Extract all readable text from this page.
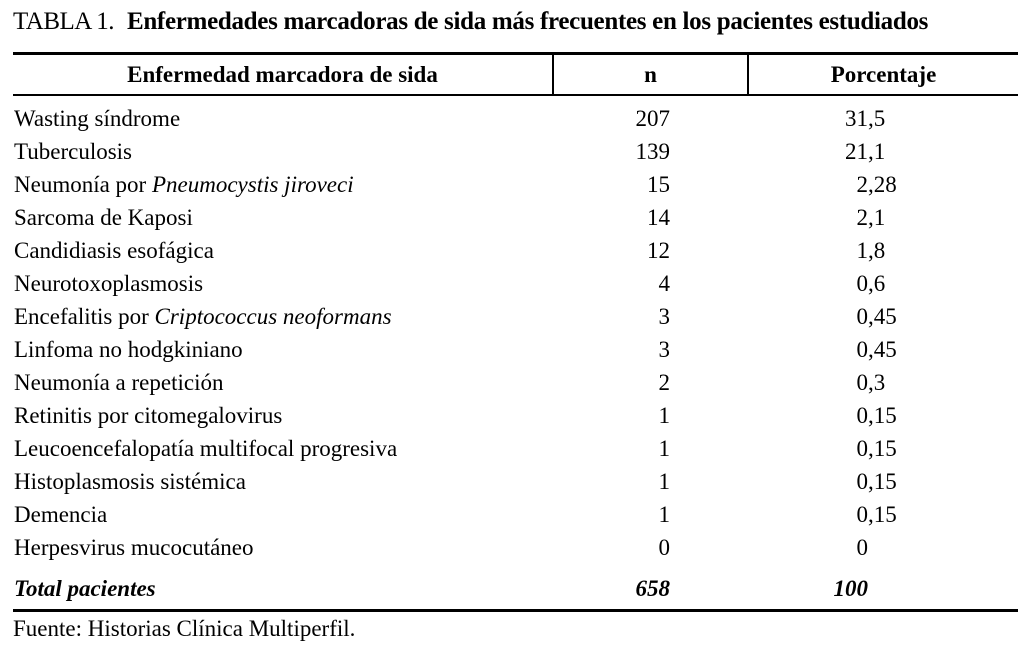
TABLA 1. Enfermedades marcadoras de sida más frecuentes en los pacientes estudiados
Enfermedad marcadora de sida	n	Porcentaje
Wasting síndrome	207	31 ,5
Tuberculosis	139	21 ,1
Neumonía por Pneumocystis jiroveci	15	2 ,28
Sarcoma de Kaposi	14	2 ,1
Candidiasis esofágica	12	1 ,8
Neurotoxoplasmosis	4	0 ,6
Encefalitis por Criptococcus neoformans	3	0 ,45
Linfoma no hodgkiniano	3	0 ,45
Neumonía a repetición	2	0 ,3
Retinitis por citomegalovirus	1	0 ,15
Leucoencefalopatía multifocal progresiva	1	0 ,15
Histoplasmosis sistémica	1	0 ,15
Demencia	1	0 ,15
Herpesvirus mucocutáneo	0	0
Total pacientes	658	100
Fuente: Historias Clínica Multiperfil.
